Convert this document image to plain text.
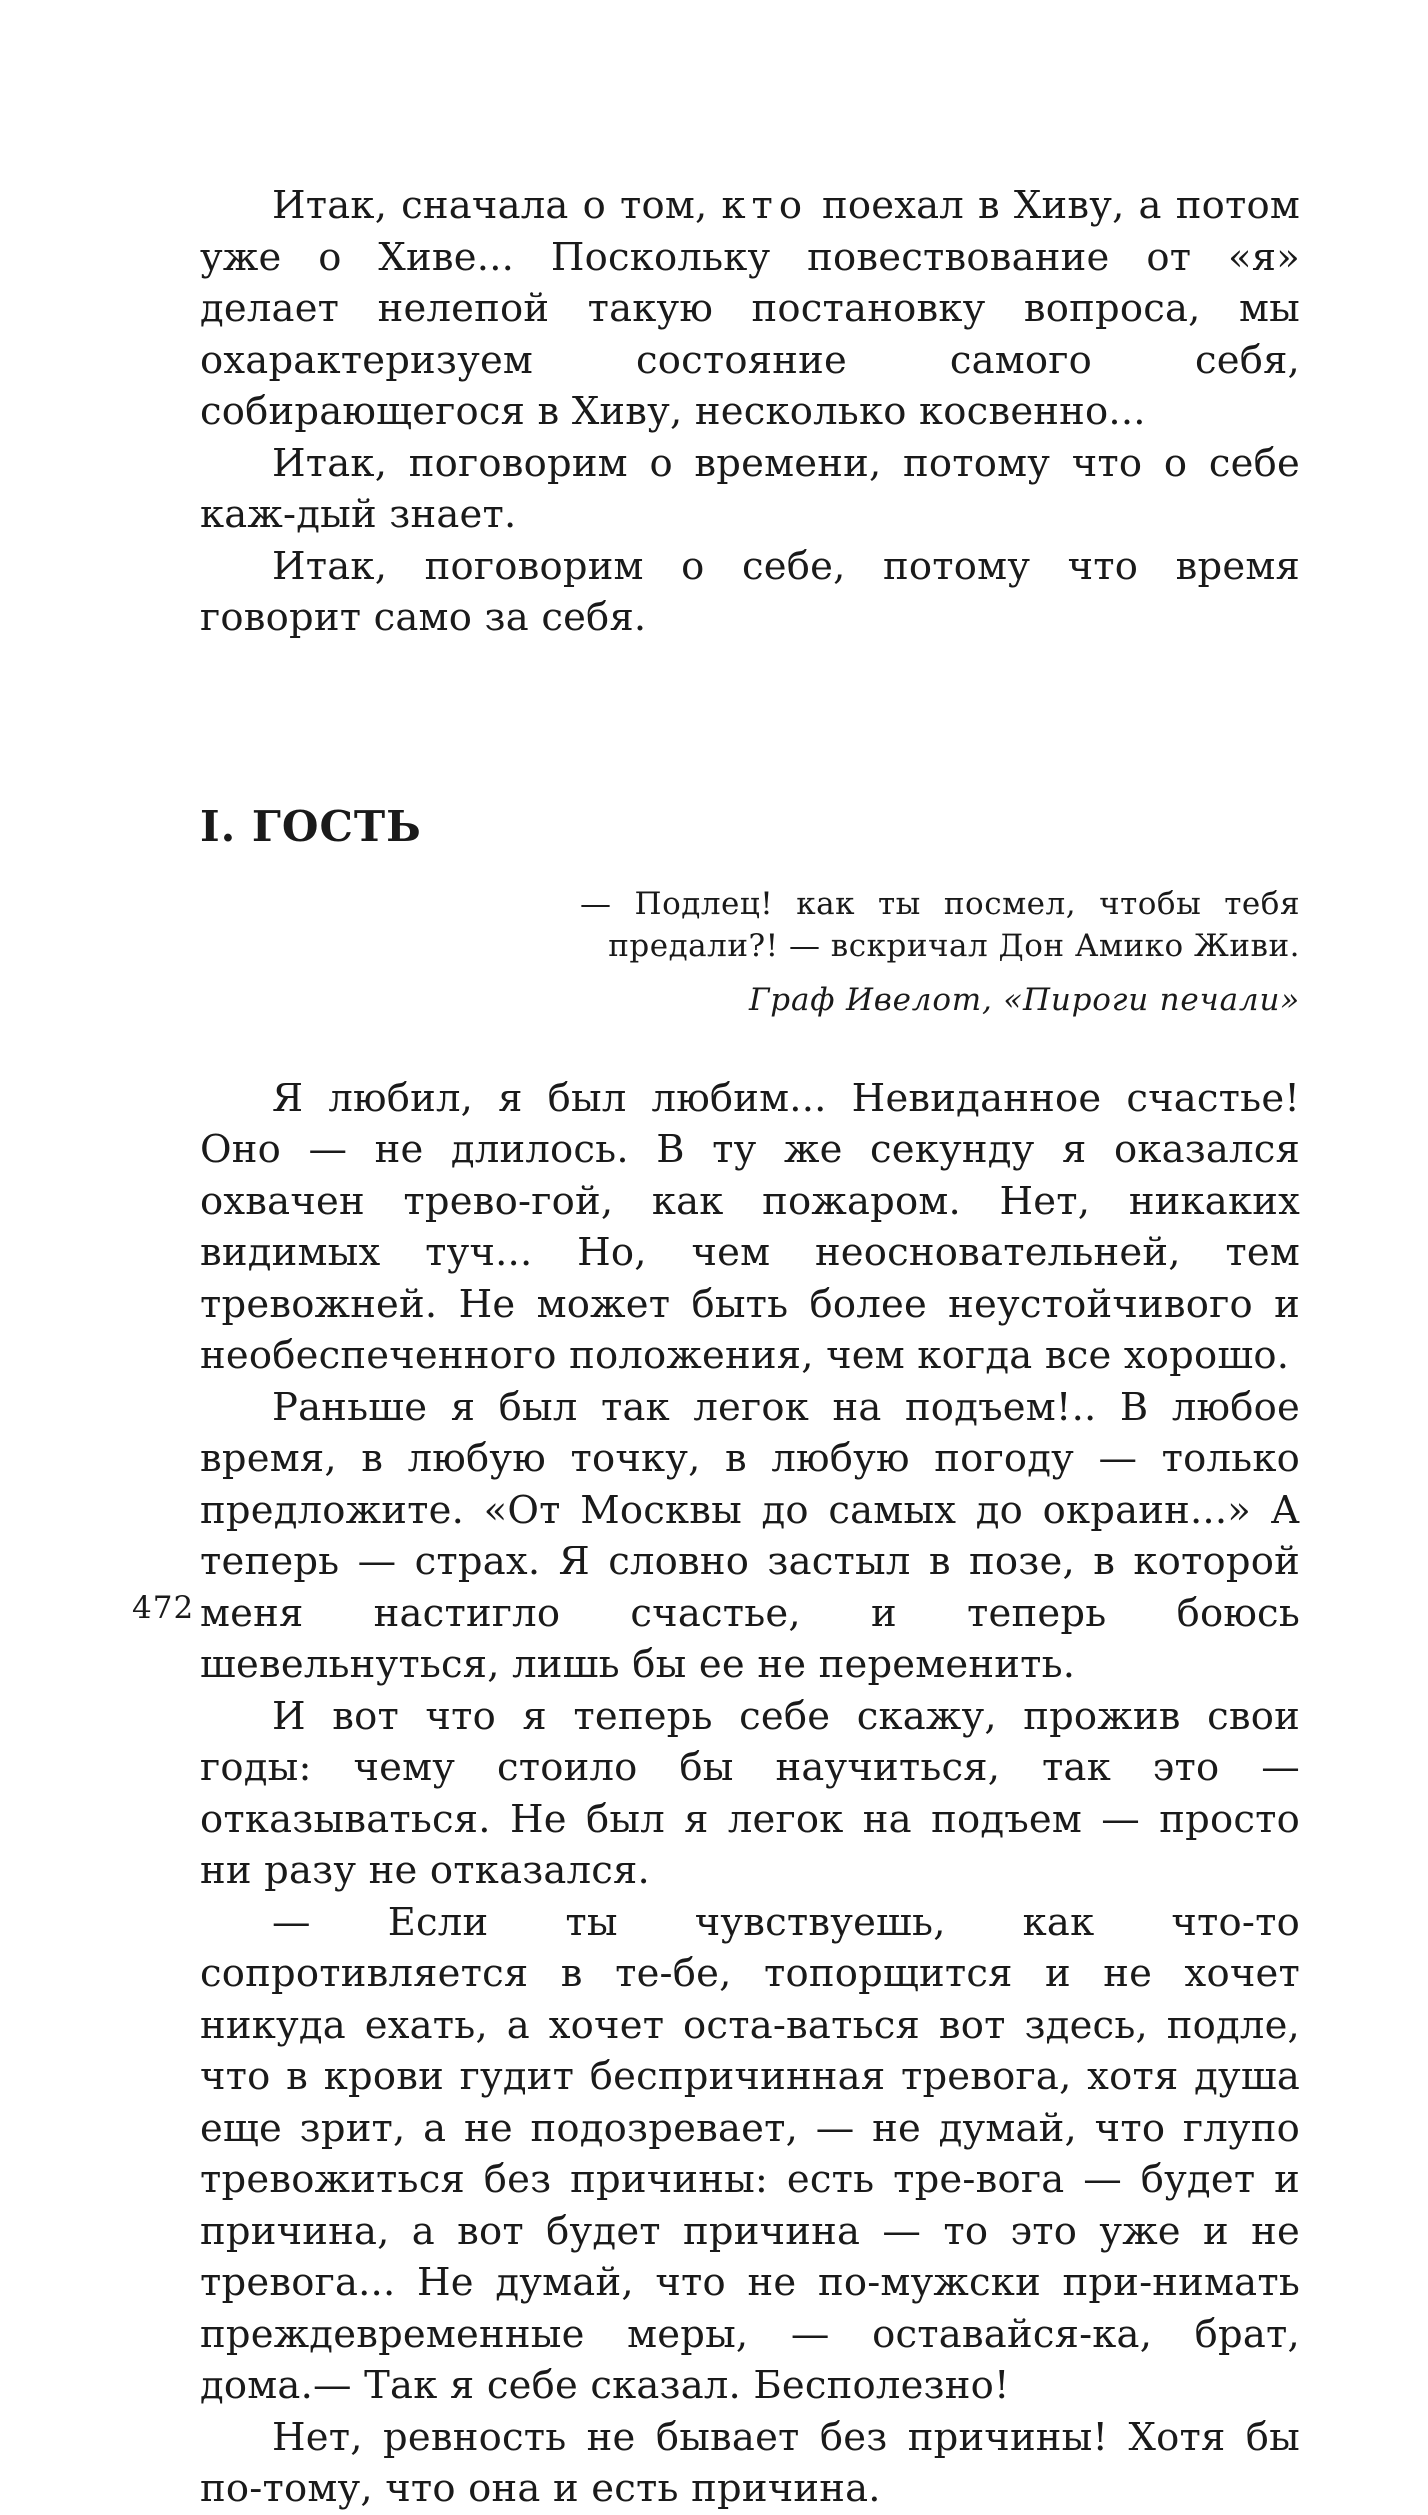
Итак, сначала о том, кто поехал в Хиву, а потом уже о Хиве... Поскольку повествование от «я» делает нелепой такую постановку вопроса, мы охарактеризуем состояние самого себя, собирающегося в Хиву, несколько косвенно...

Итак, поговорим о времени, потому что о себе каж-дый знает.

Итак, поговорим о себе, потому что время говорит само за себя.

I. ГОСТЬ

— Подлец! как ты посмел, чтобы тебя предали?! — вскричал Дон Амико Живи.

Граф Ивелот, «Пироги печали»

Я любил, я был любим... Невиданное счастье! Оно — не длилось. В ту же секунду я оказался охвачен трево-гой, как пожаром. Нет, никаких видимых туч... Но, чем неосновательней, тем тревожней. Не может быть более неустойчивого и необеспеченного положения, чем когда все хорошо.

Раньше я был так легок на подъем!.. В любое время, в любую точку, в любую погоду — только предложите. «От Москвы до самых до окраин...» А теперь — страх. Я словно застыл в позе, в которой меня настигло счастье, и теперь боюсь шевельнуться, лишь бы ее не переменить.

И вот что я теперь себе скажу, прожив свои годы: чему стоило бы научиться, так это — отказываться. Не был я легок на подъем — просто ни разу не отказался.

— Если ты чувствуешь, как что-то сопротивляется в те-бе, топорщится и не хочет никуда ехать, а хочет оста-ваться вот здесь, подле, что в крови гудит беспричинная тревога, хотя душа еще зрит, а не подозревает, — не думай, что глупо тревожиться без причины: есть тре-вога — будет и причина, а вот будет причина — то это уже и не тревога... Не думай, что не по-мужски при-нимать преждевременные меры, — оставайся-ка, брат, дома.— Так я себе сказал. Бесполезно!

Нет, ревность не бывает без причины! Хотя бы по-тому, что она и есть причина.

472
